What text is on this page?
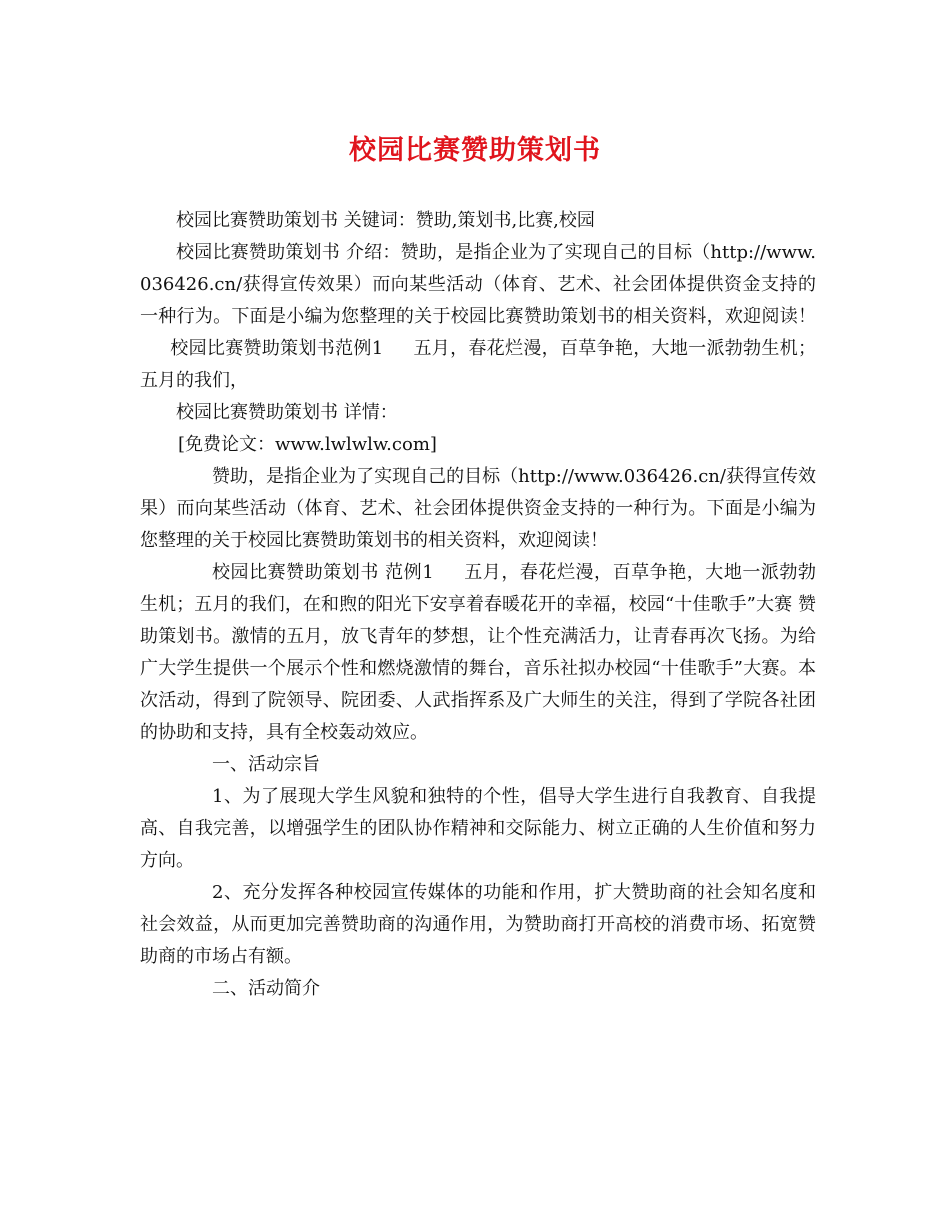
校园比赛赞助策划书

校园比赛赞助策划书 关键词：赞助,策划书,比赛,校园

校园比赛赞助策划书 介绍：赞助，是指企业为了实现自己的目标（http://www.036426.cn/获得宣传效果）而向某些活动（体育、艺术、社会团体提供资金支持的一种行为。下面是小编为您整理的关于校园比赛赞助策划书的相关资料，欢迎阅读！校园比赛赞助策划书范例1 五月，春花烂漫，百草争艳，大地一派勃勃生机；五月的我们，

校园比赛赞助策划书 详情：

[免费论文：www.lwlwlw.com]

赞助，是指企业为了实现自己的目标（http://www.036426.cn/获得宣传效果）而向某些活动（体育、艺术、社会团体提供资金支持的一种行为。下面是小编为您整理的关于校园比赛赞助策划书的相关资料，欢迎阅读！

校园比赛赞助策划书 范例1 五月，春花烂漫，百草争艳，大地一派勃勃生机；五月的我们，在和煦的阳光下安享着春暖花开的幸福，校园“十佳歌手”大赛 赞助策划书。激情的五月，放飞青年的梦想，让个性充满活力，让青春再次飞扬。为给广大学生提供一个展示个性和燃烧激情的舞台，音乐社拟办校园“十佳歌手”大赛。本次活动，得到了院领导、院团委、人武指挥系及广大师生的关注，得到了学院各社团的协助和支持，具有全校轰动效应。

一、活动宗旨

1、为了展现大学生风貌和独特的个性，倡导大学生进行自我教育、自我提高、自我完善，以增强学生的团队协作精神和交际能力、树立正确的人生价值和努力方向。

2、充分发挥各种校园宣传媒体的功能和作用，扩大赞助商的社会知名度和社会效益，从而更加完善赞助商的沟通作用，为赞助商打开高校的消费市场、拓宽赞助商的市场占有额。

二、活动简介
